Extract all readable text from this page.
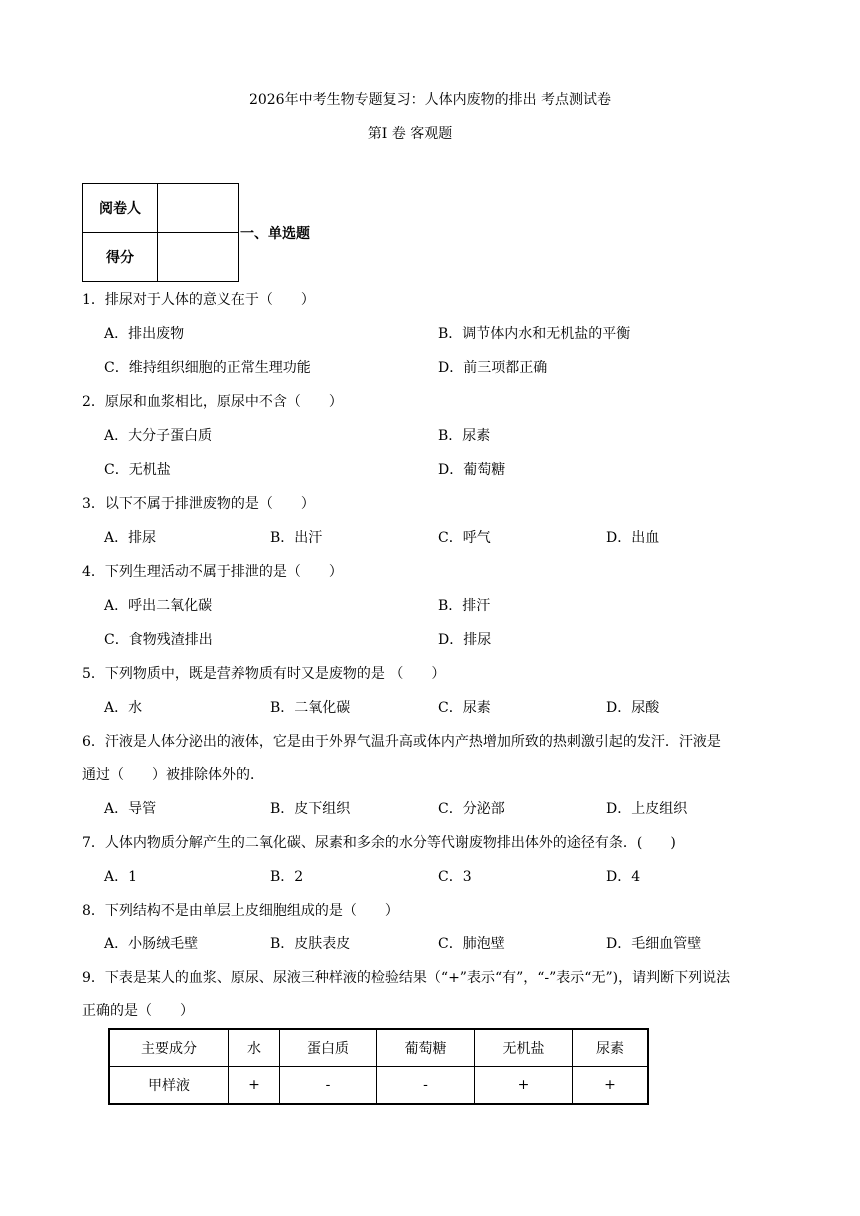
2026年中考生物专题复习：人体内废物的排出 考点测试卷
第Ⅰ 卷 客观题
阅卷人	
得分	
一、单选题
1．排尿对于人体的意义在于（　　）
A．排出废物	B．调节体内水和无机盐的平衡
C．维持组织细胞的正常生理功能	D．前三项都正确
2．原尿和血浆相比，原尿中不含（　　）
A．大分子蛋白质	B．尿素
C．无机盐	D．葡萄糖
3．以下不属于排泄废物的是（　　）
A．排尿	B．出汗	C．呼气	D．出血
4．下列生理活动不属于排泄的是（　　）
A．呼出二氧化碳	B．排汗
C．食物残渣排出	D．排尿
5．下列物质中，既是营养物质有时又是废物的是 （　　）
A．水	B．二氧化碳	C．尿素	D．尿酸
6．汗液是人体分泌出的液体，它是由于外界气温升高或体内产热增加所致的热刺激引起的发汗．汗液是
通过（　　）被排除体外的．
A．导管	B．皮下组织	C．分泌部	D．上皮组织
7．人体内物质分解产生的二氧化碳、尿素和多余的水分等代谢废物排出体外的途径有条．(　　)
A．1	B．2	C．3	D．4
8．下列结构不是由单层上皮细胞组成的是（　　）
A．小肠绒毛壁	B．皮肤表皮	C．肺泡壁	D．毛细血管壁
9．下表是某人的血浆、原尿、尿液三种样液的检验结果（“+”表示“有”，“-”表示“无”)，请判断下列说法
正确的是（　　）
主要成分	水	蛋白质	葡萄糖	无机盐	尿素
甲样液	+	-	-	+	+
